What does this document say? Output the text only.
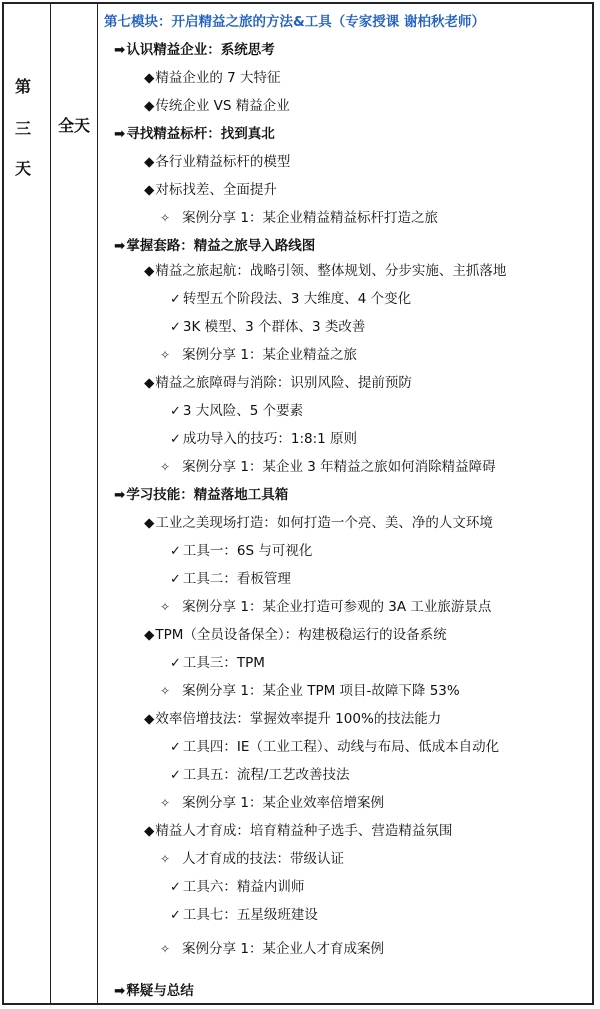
第
三
天
全天
第七模块：开启精益之旅的方法&工具（专家授课 谢柏秋老师）
➡认识精益企业：系统思考
◆精益企业的 7 大特征
◆传统企业 VS 精益企业
➡寻找精益标杆：找到真北
◆各行业精益标杆的模型
◆对标找差、全面提升
✧ 案例分享 1：某企业精益精益标杆打造之旅
➡掌握套路：精益之旅导入路线图
◆精益之旅起航：战略引领、整体规划、分步实施、主抓落地
✓ 转型五个阶段法、3 大维度、4 个变化
✓ 3K 模型、3 个群体、3 类改善
✧ 案例分享 1：某企业精益之旅
◆精益之旅障碍与消除：识别风险、提前预防
✓ 3 大风险、5 个要素
✓ 成功导入的技巧：1:8:1 原则
✧ 案例分享 1：某企业 3 年精益之旅如何消除精益障碍
➡学习技能：精益落地工具箱
◆工业之美现场打造：如何打造一个亮、美、净的人文环境
✓ 工具一：6S 与可视化
✓ 工具二：看板管理
✧ 案例分享 1：某企业打造可参观的 3A 工业旅游景点
◆TPM（全员设备保全）：构建极稳运行的设备系统
✓ 工具三：TPM
✧ 案例分享 1：某企业 TPM 项目-故障下降 53%
◆效率倍增技法：掌握效率提升 100%的技法能力
✓ 工具四：IE（工业工程）、动线与布局、低成本自动化
✓ 工具五：流程/工艺改善技法
✧ 案例分享 1：某企业效率倍增案例
◆精益人才育成：培育精益种子选手、营造精益氛围
✧ 人才育成的技法：带级认证
✓ 工具六：精益内训师
✓ 工具七：五星级班建设
✧ 案例分享 1：某企业人才育成案例
➡释疑与总结
